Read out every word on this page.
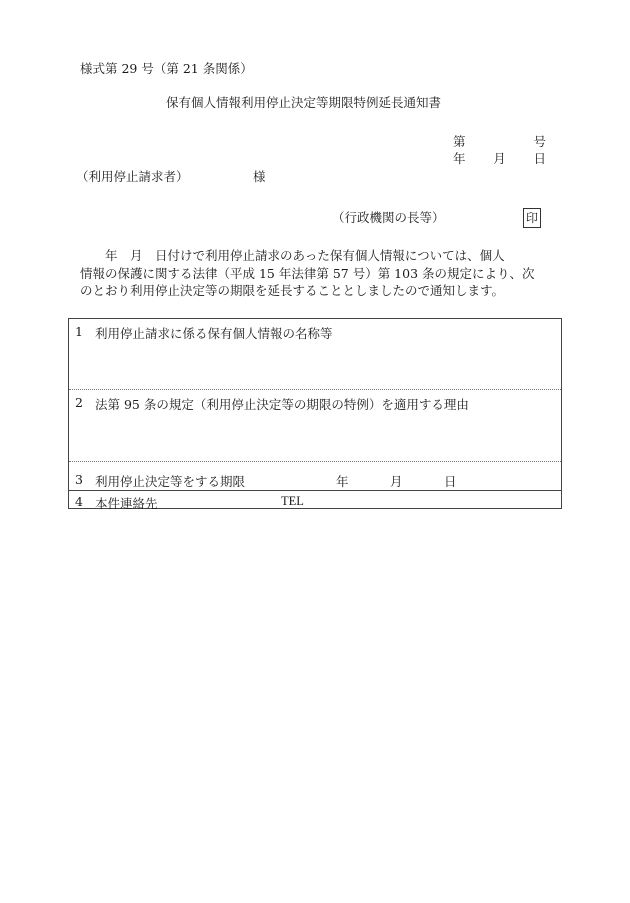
様式第 29 号（第 21 条関係）
保有個人情報利用停止決定等期限特例延長通知書
第	号
年 月 日
（利用停止請求者）	様
（行政機関の長等）	印

　　年　月　日付けで利用停止請求のあった保有個人情報については、個人

情報の保護に関する法律（平成 15 年法律第 57 号）第 103 条の規定により、次

のとおり利用停止決定等の期限を延長することとしましたので通知します。

1 利用停止請求に係る保有個人情報の名称等

2 法第 95 条の規定（利用停止決定等の期限の特例）を適用する理由

3 利用停止決定等をする期限	年	月	日

4 本件連絡先	TEL
